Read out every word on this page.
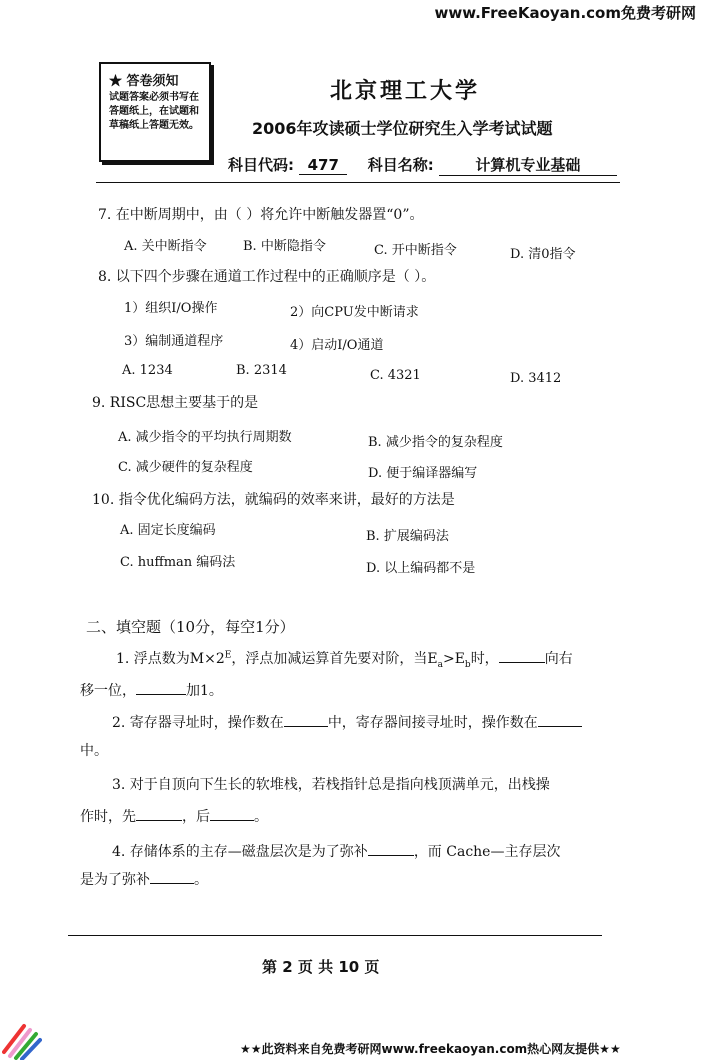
www.FreeKaoyan.com免费考研网
★ 答卷须知
试题答案必须书写在答题纸上，在试题和草稿纸上答题无效。
北京理工大学
2006年攻读硕士学位研究生入学考试试题
科目代码: 477 科目名称:	计算机专业基础
7. 在中断周期中，由（ ）将允许中断触发器置“0”。
A. 关中断指令	B. 中断隐指令	C. 开中断指令	D. 清0指令
8. 以下四个步骤在通道工作过程中的正确顺序是（ ）。
1）组织I/O操作	2）向CPU发中断请求
3）编制通道程序	4）启动I/O通道
A. 1234	B. 2314	C. 4321	D. 3412
9. RISC思想主要基于的是
A. 减少指令的平均执行周期数	B. 减少指令的复杂程度
C. 减少硬件的复杂程度	D. 便于编译器编写
10. 指令优化编码方法，就编码的效率来讲，最好的方法是
A. 固定长度编码	B. 扩展编码法
C. huffman 编码法	D. 以上编码都不是
二、填空题（10分，每空1分）
1. 浮点数为$M\times 2^E$，浮点加减运算首先要对阶，当$E_a>E_b$时，	向右
移一位，	加1。
2. 寄存器寻址时，操作数在	中，寄存器间接寻址时，操作数在
中。
3. 对于自顶向下生长的软堆栈，若栈指针总是指向栈顶满单元，出栈操
作时，先	，后	。
4. 存储体系的主存—磁盘层次是为了弥补	，而 Cache—主存层次
是为了弥补	。
第 2 页 共 10 页
★★此资料来自免费考研网www.freekaoyan.com热心网友提供★★
